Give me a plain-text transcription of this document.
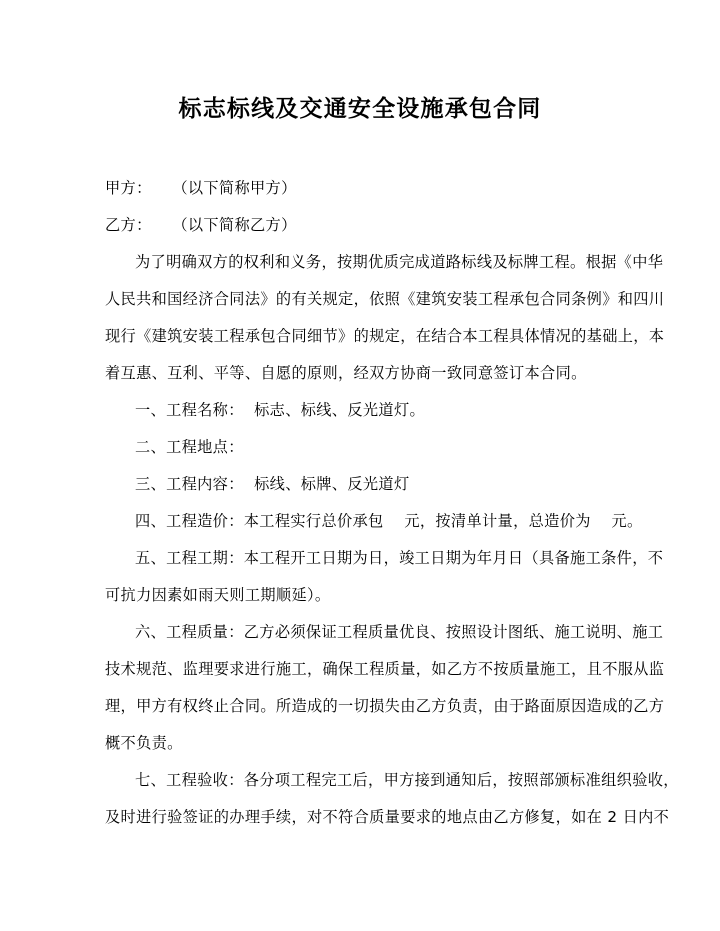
标志标线及交通安全设施承包合同
甲方：    （以下简称甲方）
乙方：    （以下简称乙方）
为了明确双方的权利和义务，按期优质完成道路标线及标牌工程。根据《中华
人民共和国经济合同法》的有关规定，依照《建筑安装工程承包合同条例》和四川
现行《建筑安装工程承包合同细节》的规定，在结合本工程具体情况的基础上，本
着互惠、互利、平等、自愿的原则，经双方协商一致同意签订本合同。
一、工程名称：  标志、标线、反光道灯。
二、工程地点：
三、工程内容：  标线、标牌、反光道灯
四、工程造价：本工程实行总价承包　 元，按清单计量，总造价为　 元。
五、工程工期：本工程开工日期为日，竣工日期为年月日（具备施工条件，不
可抗力因素如雨天则工期顺延）。
六、工程质量：乙方必须保证工程质量优良、按照设计图纸、施工说明、施工
技术规范、监理要求进行施工，确保工程质量，如乙方不按质量施工，且不服从监
理，甲方有权终止合同。所造成的一切损失由乙方负责，由于路面原因造成的乙方
概不负责。
七、工程验收：各分项工程完工后，甲方接到通知后，按照部颁标准组织验收，
及时进行验签证的办理手续，对不符合质量要求的地点由乙方修复，如在 2 日内不
